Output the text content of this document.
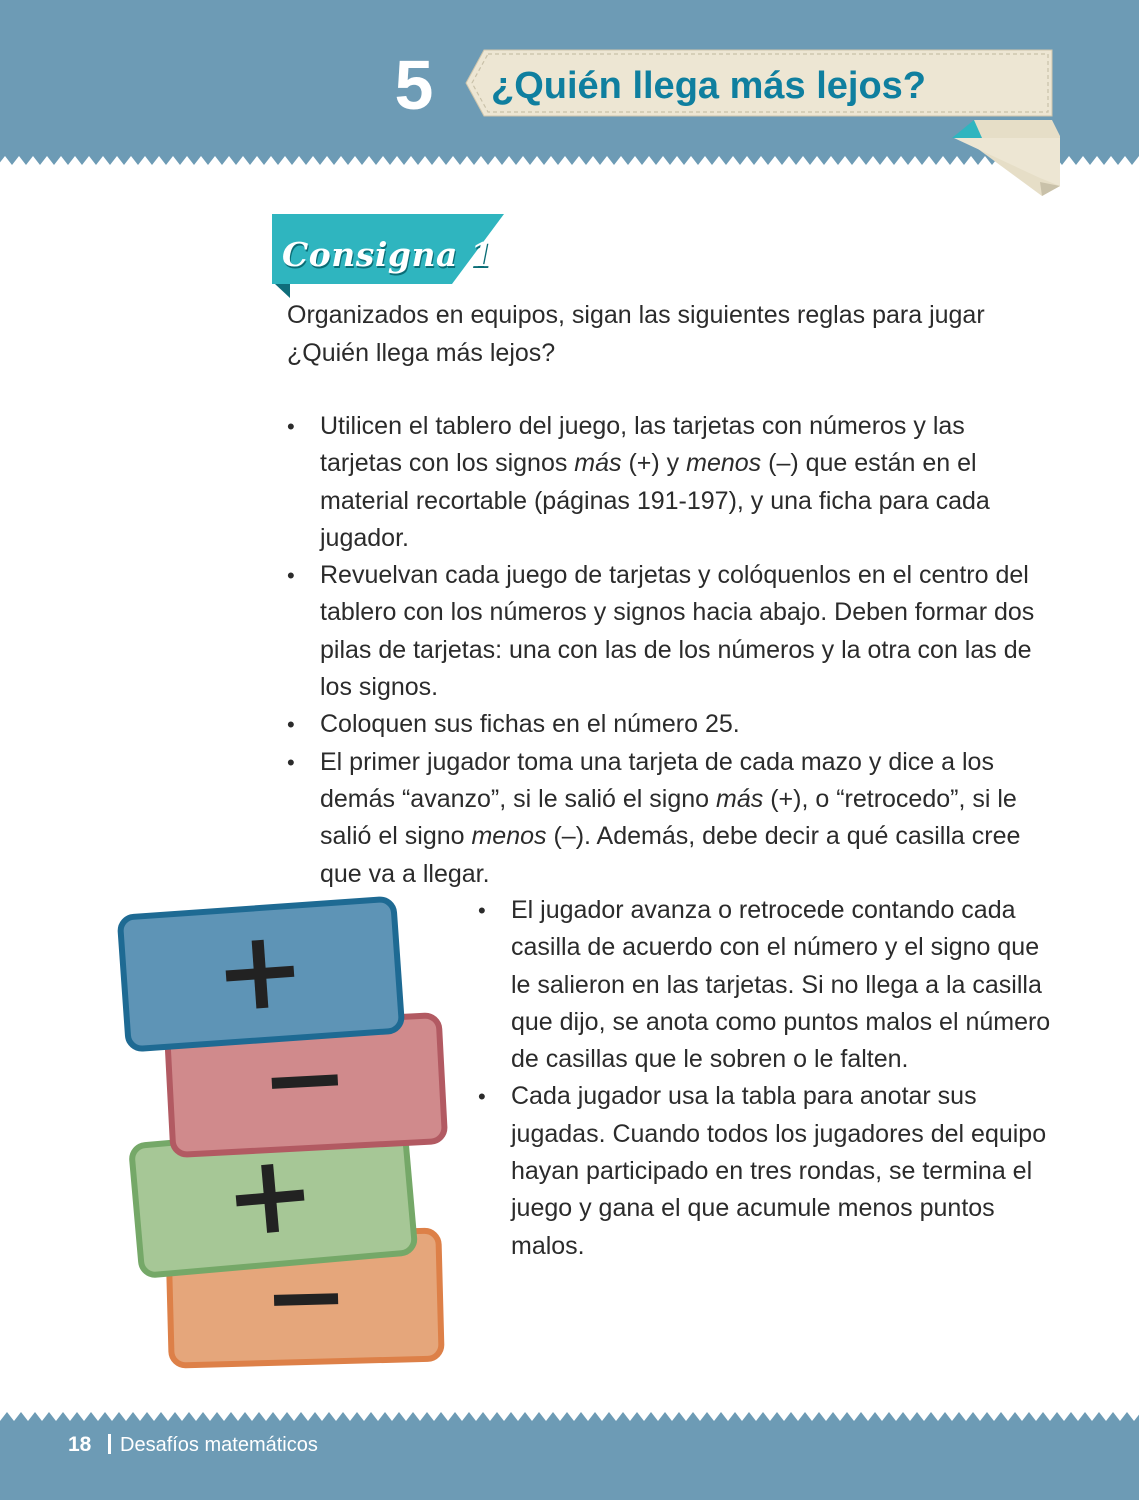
5 ¿Quién llega más lejos?
Consigna 1

Organizados en equipos, sigan las siguientes reglas para jugar ¿Quién llega más lejos?

• Utilicen el tablero del juego, las tarjetas con números y las tarjetas con los signos más (+) y menos (–) que están en el material recortable (páginas 191-197), y una ficha para cada jugador.
• Revuelvan cada juego de tarjetas y colóquenlos en el centro del tablero con los números y signos hacia abajo. Deben formar dos pilas de tarjetas: una con las de los números y la otra con las de los signos.
• Coloquen sus fichas en el número 25.
• El primer jugador toma una tarjeta de cada mazo y dice a los demás “avanzo”, si le salió el signo más (+), o “retrocedo”, si le salió el signo menos (–). Además, debe decir a qué casilla cree que va a llegar.
• El jugador avanza o retrocede contando cada casilla de acuerdo con el número y el signo que le salieron en las tarjetas. Si no llega a la casilla que dijo, se anota como puntos malos el número de casillas que le sobren o le falten.
• Cada jugador usa la tabla para anotar sus jugadas. Cuando todos los jugadores del equipo hayan participado en tres rondas, se termina el juego y gana el que acumule menos puntos malos.
18 Desafíos matemáticos
